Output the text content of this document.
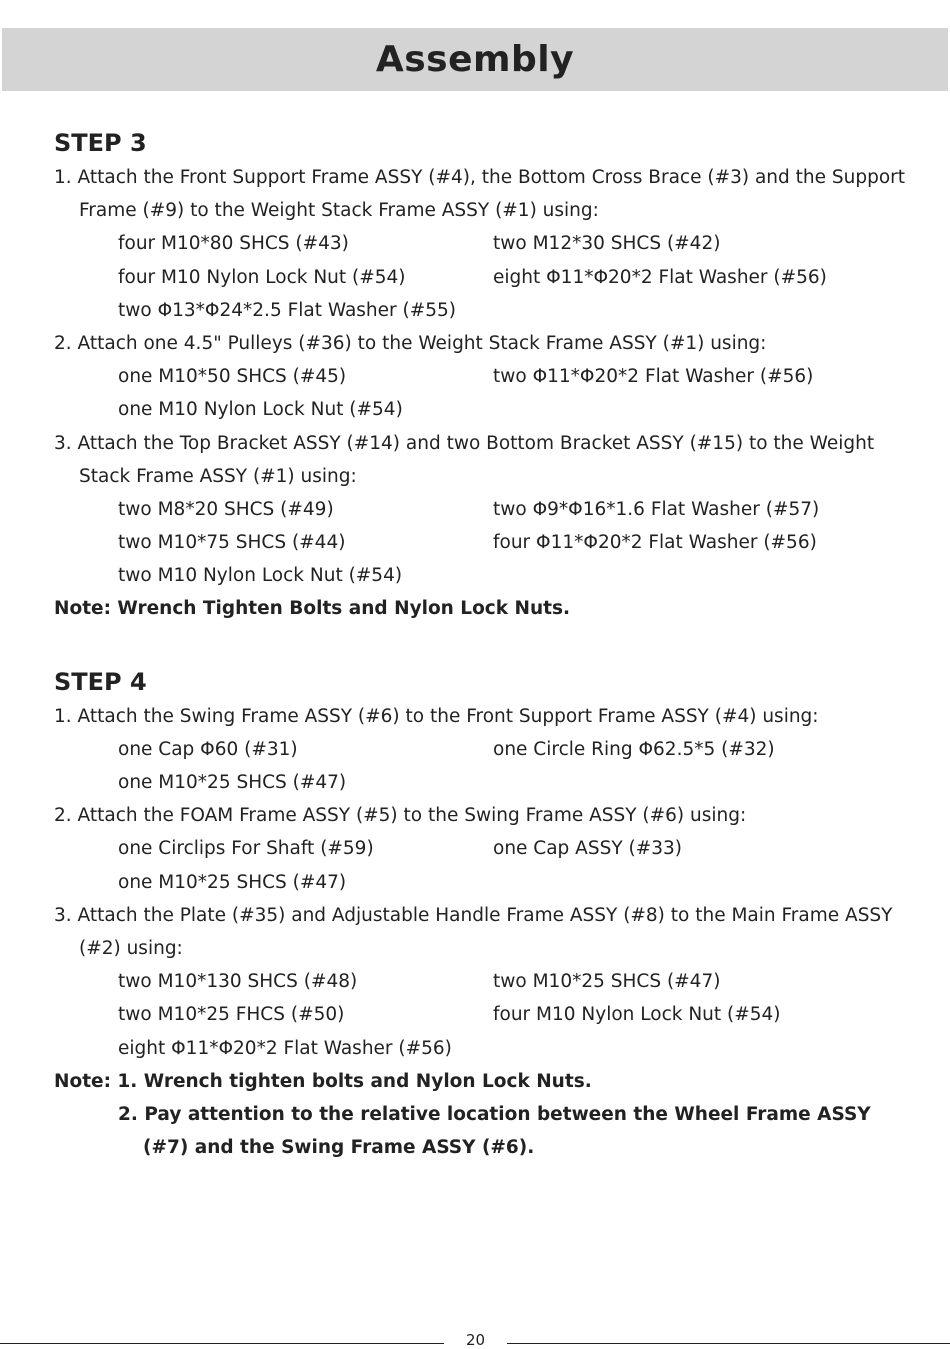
Assembly
STEP 3
1. Attach the Front Support Frame ASSY (#4), the Bottom Cross Brace (#3) and the Support
Frame (#9) to the Weight Stack Frame ASSY (#1) using:
four M10*80 SHCS (#43)	two M12*30 SHCS (#42)
four M10 Nylon Lock Nut (#54)	eight Φ11*Φ20*2 Flat Washer (#56)
two Φ13*Φ24*2.5 Flat Washer (#55)
2. Attach one 4.5" Pulleys (#36) to the Weight Stack Frame ASSY (#1) using:
one M10*50 SHCS (#45)	two Φ11*Φ20*2 Flat Washer (#56)
one M10 Nylon Lock Nut (#54)
3. Attach the Top Bracket ASSY (#14) and two Bottom Bracket ASSY (#15) to the Weight
Stack Frame ASSY (#1) using:
two M8*20 SHCS (#49)	two Φ9*Φ16*1.6 Flat Washer (#57)
two M10*75 SHCS (#44)	four Φ11*Φ20*2 Flat Washer (#56)
two M10 Nylon Lock Nut (#54)
Note: Wrench Tighten Bolts and Nylon Lock Nuts.
STEP 4
1. Attach the Swing Frame ASSY (#6) to the Front Support Frame ASSY (#4) using:
one Cap Φ60 (#31)	one Circle Ring Φ62.5*5 (#32)
one M10*25 SHCS (#47)
2. Attach the FOAM Frame ASSY (#5) to the Swing Frame ASSY (#6) using:
one Circlips For Shaft (#59)	one Cap ASSY (#33)
one M10*25 SHCS (#47)
3. Attach the Plate (#35) and Adjustable Handle Frame ASSY (#8) to the Main Frame ASSY
(#2) using:
two M10*130 SHCS (#48)	two M10*25 SHCS (#47)
two M10*25 FHCS (#50)	four M10 Nylon Lock Nut (#54)
eight Φ11*Φ20*2 Flat Washer (#56)
Note: 1. Wrench tighten bolts and Nylon Lock Nuts.
2. Pay attention to the relative location between the Wheel Frame ASSY
(#7) and the Swing Frame ASSY (#6).
20
